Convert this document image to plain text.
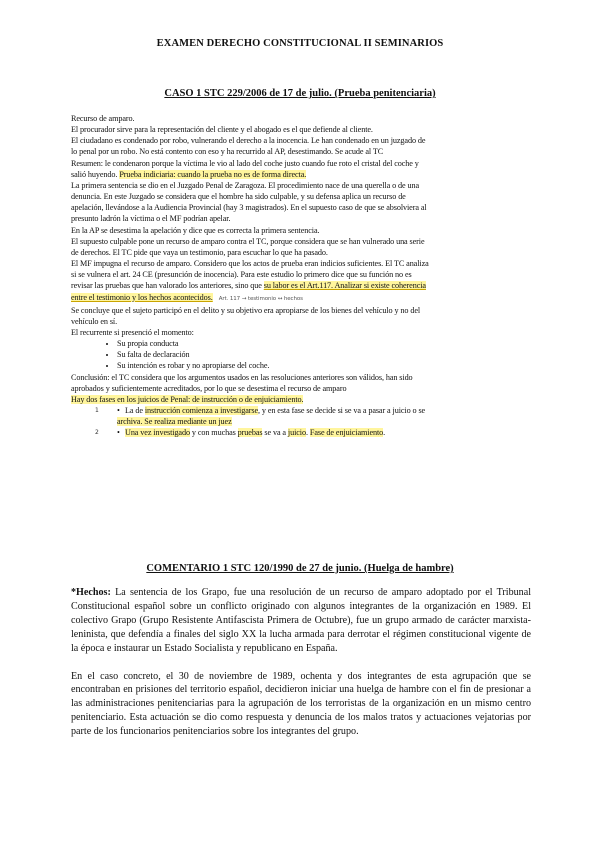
EXAMEN DERECHO CONSTITUCIONAL II SEMINARIOS
CASO 1 STC 229/2006 de 17 de julio. (Prueba penitenciaria)

Recurso de amparo.

El procurador sirve para la representación del cliente y el abogado es el que defiende al cliente.

El ciudadano es condenado por robo, vulnerando el derecho a la inocencia. Le han condenado en un juzgado de

lo penal por un robo. No está contento con eso y ha recurrido al AP, desestimando. Se acude al TC

Resumen: le condenaron porque la víctima le vio al lado del coche justo cuando fue roto el cristal del coche y

salió huyendo. Prueba indiciaria: cuando la prueba no es de forma directa.

La primera sentencia se dio en el Juzgado Penal de Zaragoza. El procedimiento nace de una querella o de una

denuncia. En este Juzgado se considera que el hombre ha sido culpable, y su defensa aplica un recurso de

apelación, llevándose a la Audiencia Provincial (hay 3 magistrados). En el supuesto caso de que se absolviera al

presunto ladrón la víctima o el MF podrían apelar.

En la AP se desestima la apelación y dice que es correcta la primera sentencia.

El supuesto culpable pone un recurso de amparo contra el TC, porque considera que se han vulnerado una serie

de derechos. El TC pide que vaya un testimonio, para escuchar lo que ha pasado.

El MF impugna el recurso de amparo. Considero que los actos de prueba eran indicios suficientes. El TC analiza

si se vulnera el art. 24 CE (presunción de inocencia). Para este estudio lo primero dice que su función no es

revisar las pruebas que han valorado los anteriores, sino que su labor es el Art.117. Analizar si existe coherencia

entre el testimonio y los hechos acontecidos. Art. 117 → testimonio ↔ hechos

Se concluye que el sujeto participó en el delito y su objetivo era apropiarse de los bienes del vehículo y no del

vehículo en sí.

El recurrente si presenció el momento:

• Su propia conducta
• Su falta de declaración
• Su intención es robar y no apropiarse del coche.

Conclusión: el TC considera que los argumentos usados en las resoluciones anteriores son válidos, han sido

aprobados y suficientemente acreditados, por lo que se desestima el recurso de amparo

Hay dos fases en los juicios de Penal: de instrucción o de enjuiciamiento.

1 • La de instrucción comienza a investigarse, y en esta fase se decide si se va a pasar a juicio o se
archiva. Se realiza mediante un juez
2 • Una vez investigado y con muchas pruebas se va a juicio. Fase de enjuiciamiento.
COMENTARIO 1 STC 120/1990 de 27 de junio. (Huelga de hambre)

*Hechos: La sentencia de los Grapo, fue una resolución de un recurso de amparo adoptado por el Tribunal Constitucional español sobre un conflicto originado con algunos integrantes de la organización en 1989. El colectivo Grapo (Grupo Resistente Antifascista Primera de Octubre), fue un grupo armado de carácter marxista-leninista, que defendía a finales del siglo XX la lucha armada para derrotar el régimen constitucional vigente de la época e instaurar un Estado Socialista y republicano en España.

En el caso concreto, el 30 de noviembre de 1989, ochenta y dos integrantes de esta agrupación que se encontraban en prisiones del territorio español, decidieron iniciar una huelga de hambre con el fin de presionar a las administraciones penitenciarias para la agrupación de los terroristas de la organización en un mismo centro penitenciario. Esta actuación se dio como respuesta y denuncia de los malos tratos y actuaciones vejatorias por parte de los funcionarios penitenciarios sobre los integrantes del grupo.
